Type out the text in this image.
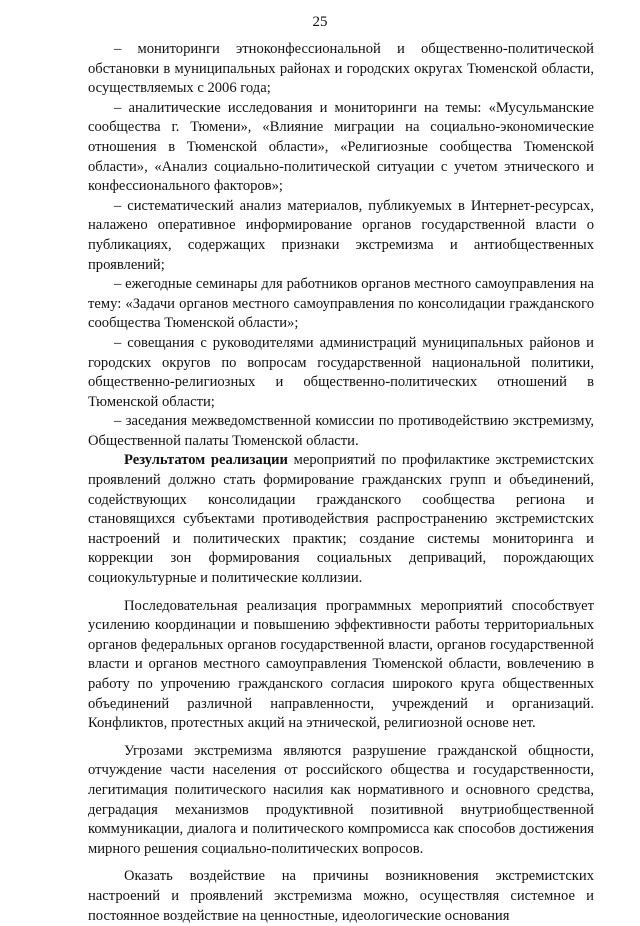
25

– мониторинги этноконфессиональной и общественно-политической обстановки в муниципальных районах и городских округах Тюменской области, осуществляемых с 2006 года;

– аналитические исследования и мониторинги на темы: «Мусульманские сообщества г. Тюмени», «Влияние миграции на социально-экономические отношения в Тюменской области», «Религиозные сообщества Тюменской области», «Анализ социально-политической ситуации с учетом этнического и конфессионального факторов»;

– систематический анализ материалов, публикуемых в Интернет-ресурсах, налажено оперативное информирование органов государственной власти о публикациях, содержащих признаки экстремизма и антиобщественных проявлений;

– ежегодные семинары для работников органов местного самоуправления на тему: «Задачи органов местного самоуправления по консолидации гражданского сообщества Тюменской области»;

– совещания с руководителями администраций муниципальных районов и городских округов по вопросам государственной национальной политики, общественно-религиозных и общественно-политических отношений в Тюменской области;

– заседания межведомственной комиссии по противодействию экстремизму, Общественной палаты Тюменской области.

Результатом реализации мероприятий по профилактике экстремистских проявлений должно стать формирование гражданских групп и объединений, содействующих консолидации гражданского сообщества региона и становящихся субъектами противодействия распространению экстремистских настроений и политических практик; создание системы мониторинга и коррекции зон формирования социальных деприваций, порождающих социокультурные и политические коллизии.

Последовательная реализация программных мероприятий способствует усилению координации и повышению эффективности работы территориальных органов федеральных органов государственной власти, органов государственной власти и органов местного самоуправления Тюменской области, вовлечению в работу по упрочению гражданского согласия широкого круга общественных объединений различной направленности, учреждений и организаций. Конфликтов, протестных акций на этнической, религиозной основе нет.

Угрозами экстремизма являются разрушение гражданской общности, отчуждение части населения от российского общества и государственности, легитимация политического насилия как нормативного и основного средства, деградация механизмов продуктивной позитивной внутриобщественной коммуникации, диалога и политического компромисса как способов достижения мирного решения социально-политических вопросов.

Оказать воздействие на причины возникновения экстремистских настроений и проявлений экстремизма можно, осуществляя системное и постоянное воздействие на ценностные, идеологические основания
